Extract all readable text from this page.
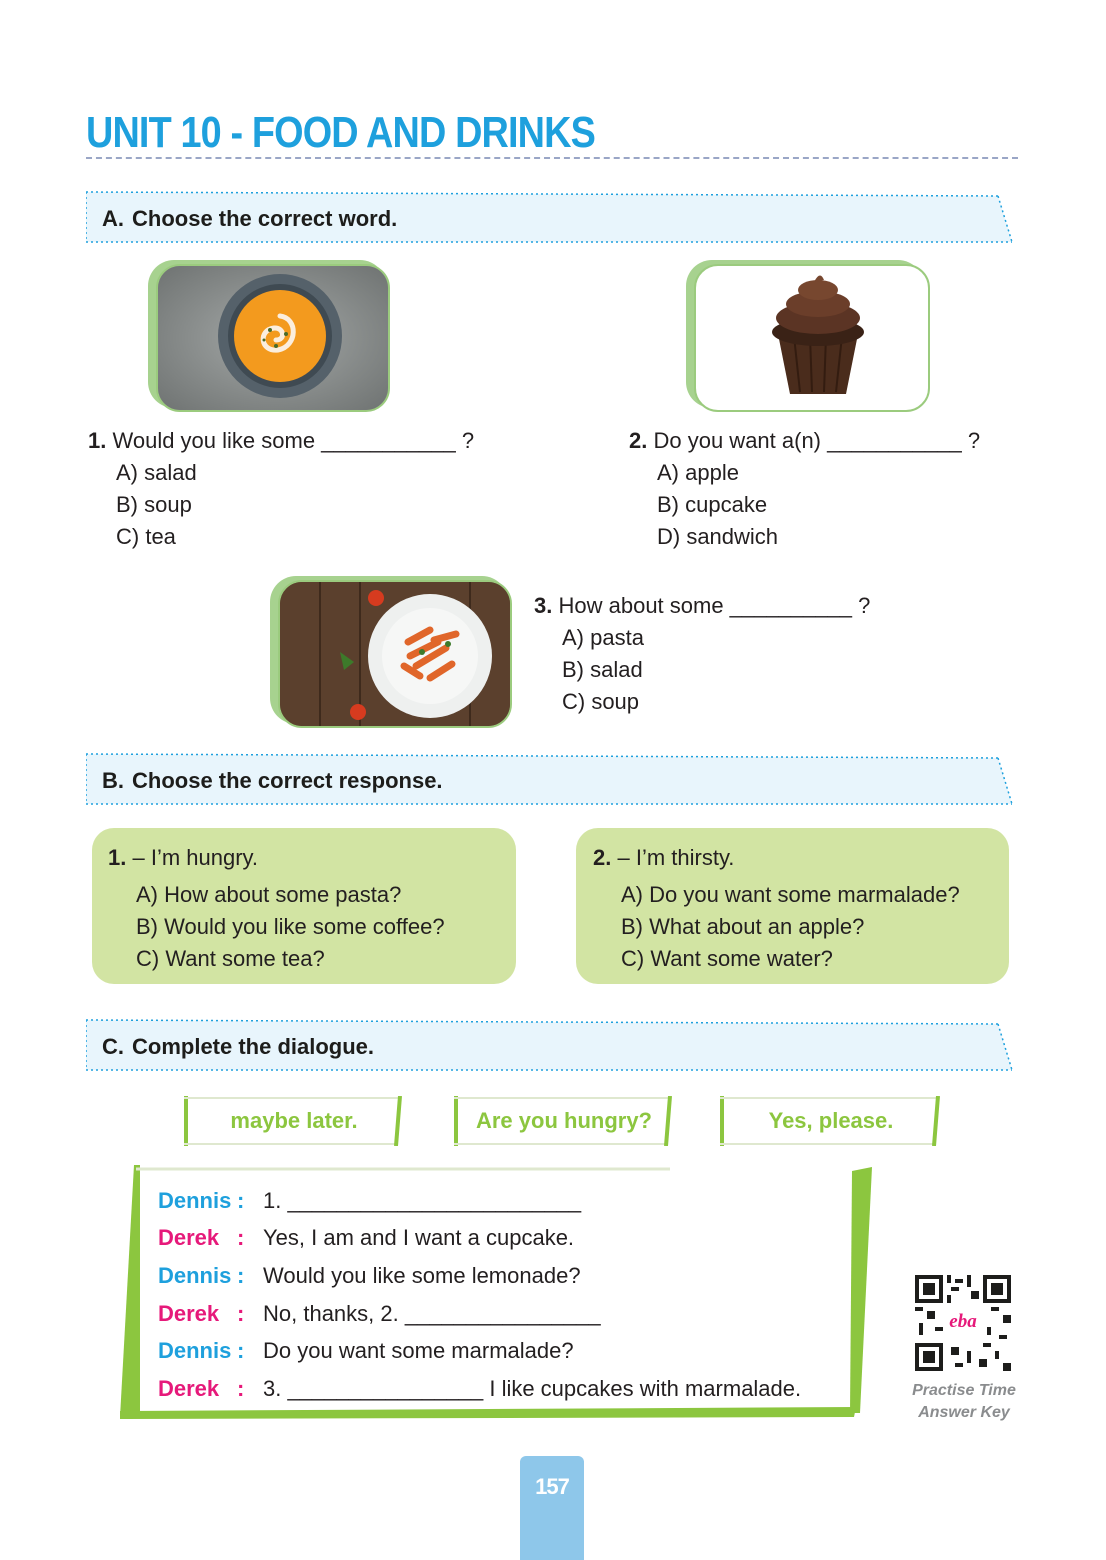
UNIT 10 - FOOD AND DRINKS
A. Choose the correct word.
1. Would you like some ___________ ?
A) salad
B) soup
C) tea
2. Do you want a(n) ___________ ?
A) apple
B) cupcake
D) sandwich
3. How about some __________ ?
A) pasta
B) salad
C) soup
B. Choose the correct response.
1. – I’m hungry.
A) How about some pasta?
B) Would you like some coffee?
C) Want some tea?
2. – I’m thirsty.
A) Do you want some marmalade?
B) What about an apple?
C) Want some water?
C. Complete the dialogue.
maybe later.	Are you hungry?	Yes, please.
Dennis : 1. ________________________
Derek : Yes, I am and I want a cupcake.
Dennis : Would you like some lemonade?
Derek : No, thanks, 2. ________________
Dennis : Do you want some marmalade?
Derek : 3. ________________ I like cupcakes with marmalade.
eba
Practise Time
Answer Key
157
